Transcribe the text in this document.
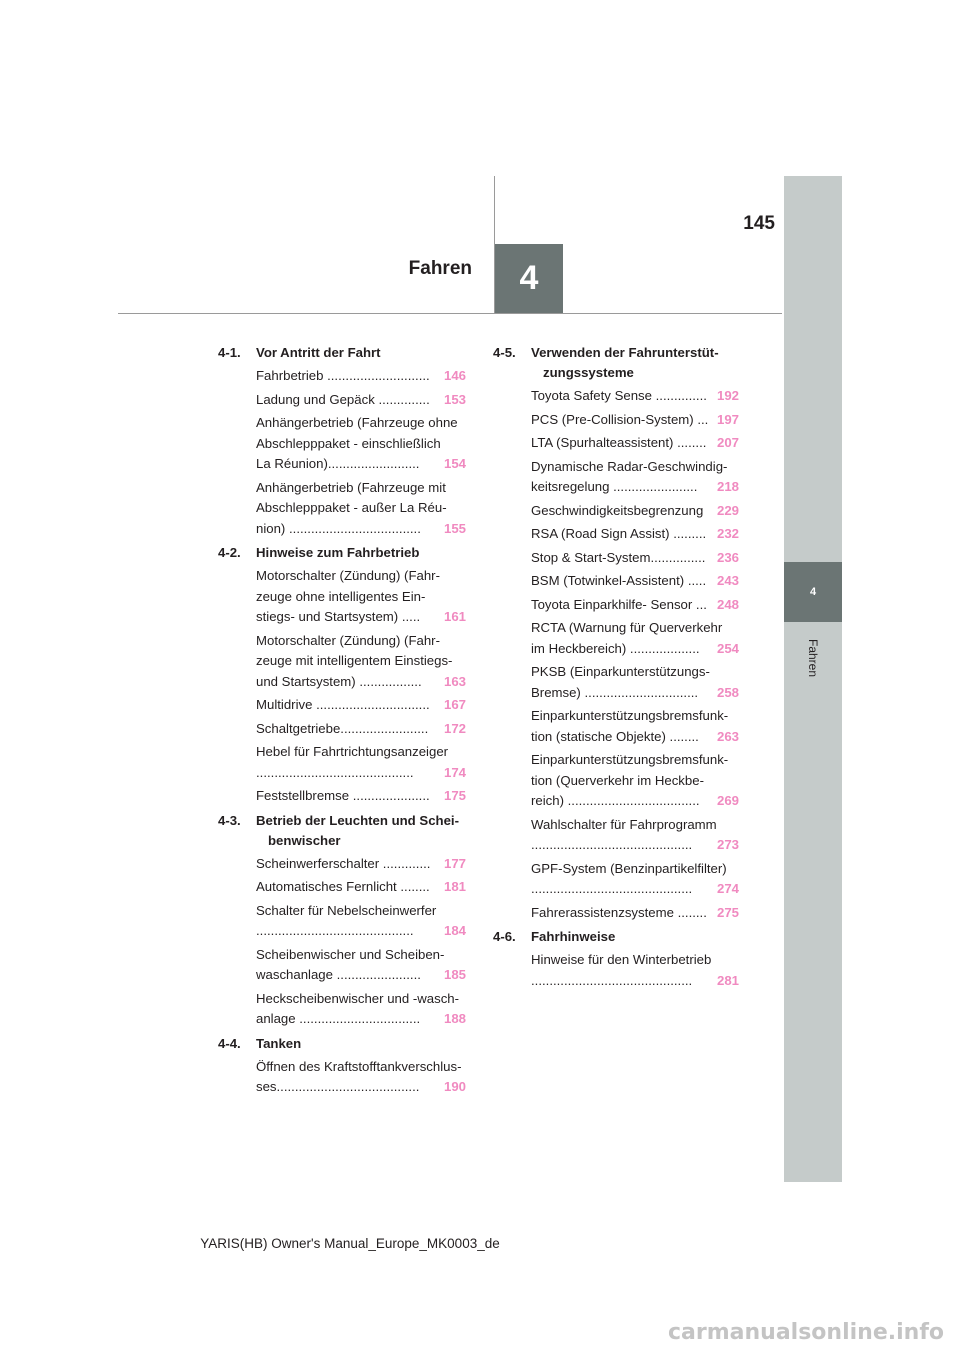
145
Fahren	4
4
Fahren
4-1.	Vor Antritt der Fahrt
Fahrbetrieb ............................	146
Ladung und Gepäck ..............	153
Anhängerbetrieb (Fahrzeuge ohne
Abschlepppaket - einschließlich
La Réunion).........................	154
Anhängerbetrieb (Fahrzeuge mit
Abschlepppaket - außer La Réu-
nion) ....................................	155
4-2.	Hinweise zum Fahrbetrieb
Motorschalter (Zündung) (Fahr-
zeuge ohne intelligentes Ein-
stiegs- und Startsystem) .....	161
Motorschalter (Zündung) (Fahr-
zeuge mit intelligentem Einstiegs-
und Startsystem) .................	163
Multidrive ...............................	167
Schaltgetriebe........................	172
Hebel für Fahrtrichtungsanzeiger
...........................................	174
Feststellbremse .....................	175
4-3.	Betrieb der Leuchten und Schei-benwischer
Scheinwerferschalter .............	177
Automatisches Fernlicht ........	181
Schalter für Nebelscheinwerfer
...........................................	184
Scheibenwischer und Scheiben-
waschanlage .......................	185
Heckscheibenwischer und -wasch-
anlage .................................	188
4-4.	Tanken
Öffnen des Kraftstofftankverschlus-
ses.......................................	190
4-5.	Verwenden der Fahrunterstüt-zungssysteme
Toyota Safety Sense .............. 192
PCS (Pre-Collision-System) ... 197
LTA (Spurhalteassistent) ........ 207
Dynamische Radar-Geschwindig-
keitsregelung .......................	218
Geschwindigkeitsbegrenzung	229
RSA (Road Sign Assist) ......... 232
Stop & Start-System............... 236
BSM (Totwinkel-Assistent) ..... 243
Toyota Einparkhilfe- Sensor ... 248
RCTA (Warnung für Querverkehr
im Heckbereich) ...................	254
PKSB (Einparkunterstützungs-
Bremse) ...............................	258
Einparkunterstützungsbremsfunk-
tion (statische Objekte) ........	263
Einparkunterstützungsbremsfunk-
tion (Querverkehr im Heckbe-
reich) ....................................	269
Wahlschalter für Fahrprogramm
............................................	273
GPF-System (Benzinpartikelfilter)
............................................	274
Fahrerassistenzsysteme ........ 275
4-6.	Fahrhinweise
Hinweise für den Winterbetrieb
............................................	281
YARIS(HB) Owner's Manual_Europe_MK0003_de
carmanualsonline.info
